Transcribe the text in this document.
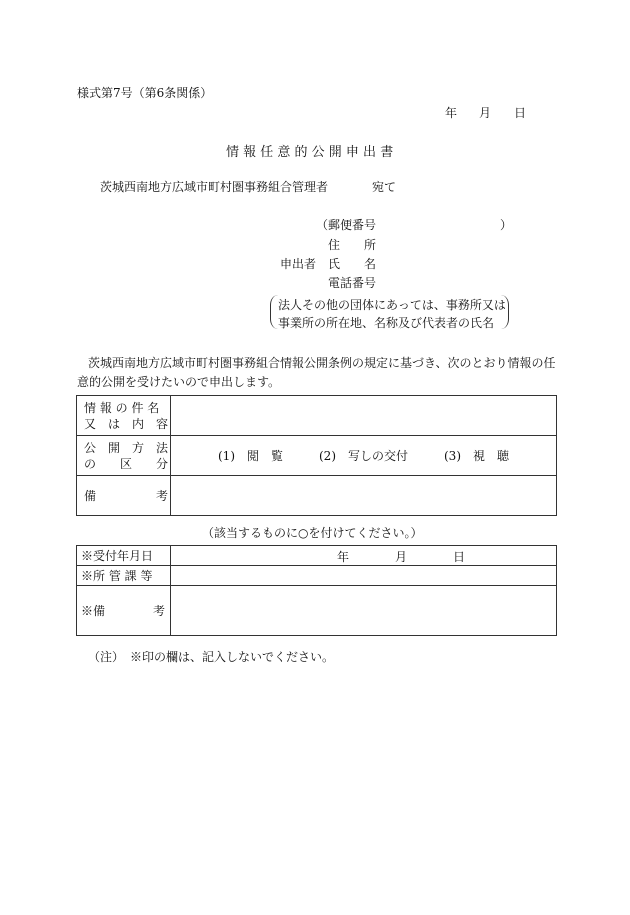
様式第7号（第6条関係）
年 月 日
情 報 任 意 的 公 開 申 出 書
茨城西南地方広域市町村圏事務組合管理者	宛て
（郵便番号	）
住　　所
申出者 氏　　名
電話番号
法人その他の団体にあっては、事務所又は
事業所の所在地、名称及び代表者の氏名
茨城西南地方広域市町村圏事務組合情報公開条例の規定に基づき、次のとおり情報の任
意的公開を受けたいので申出します。
情 報 の 件 名
又　は　内　容	

公　開　方　法
の　　区　　分	(1)　閲　覧　　　(2)　写しの交付　　　(3)　視　聴

備　　　　　考	

（該当するものに○を付けてください。）
※受付年月日	年 月 日

※所 管 課 等	

※備　　　　考	

（注）　※印の欄は、記入しないでください。
